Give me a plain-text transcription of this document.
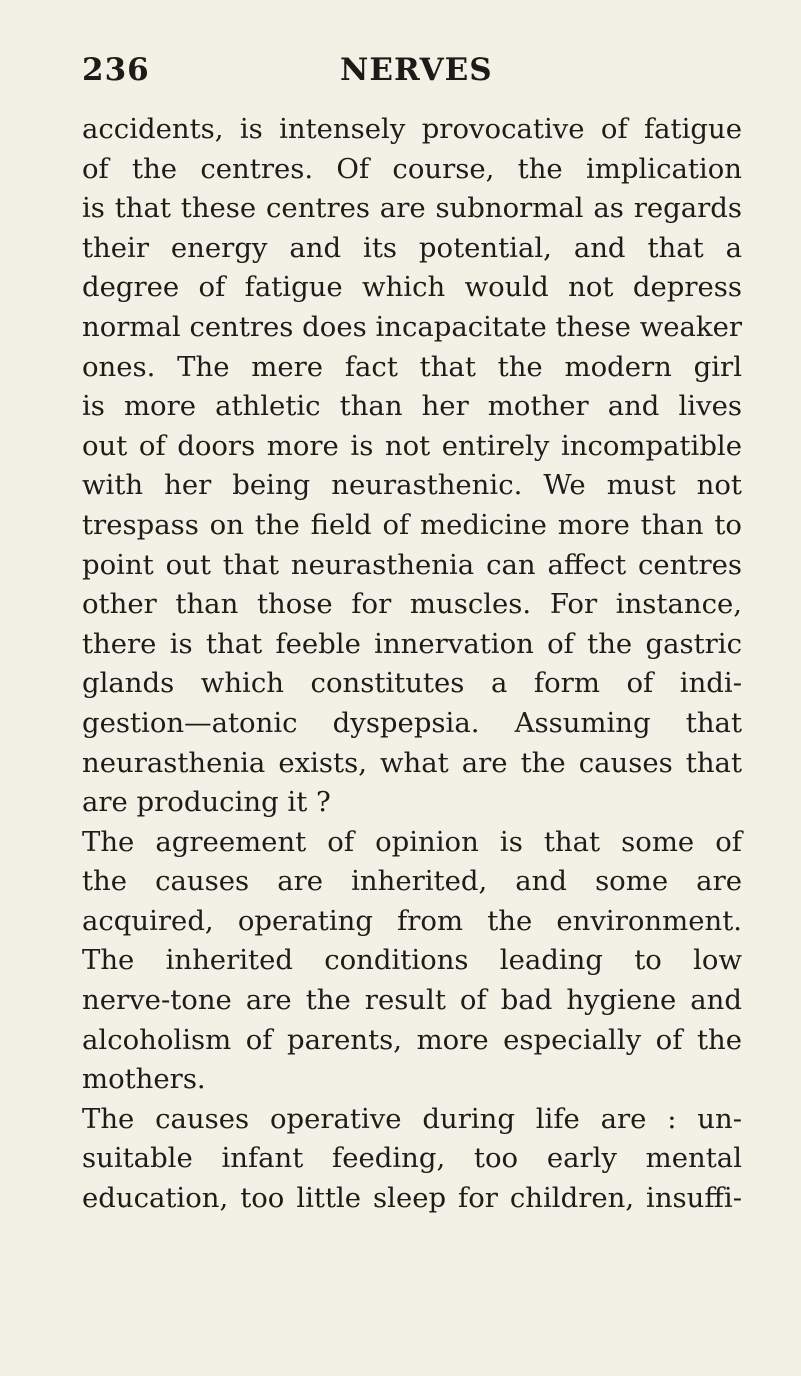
236	NERVES
accidents, is intensely provocative of fatigue
of the centres. Of course, the implication
is that these centres are subnormal as regards
their energy and its potential, and that a
degree of fatigue which would not depress
normal centres does incapacitate these weaker
ones. The mere fact that the modern girl
is more athletic than her mother and lives
out of doors more is not entirely incompatible
with her being neurasthenic. We must not
trespass on the field of medicine more than to
point out that neurasthenia can affect centres
other than those for muscles. For instance,
there is that feeble innervation of the gastric
glands which constitutes a form of indi-
gestion—atonic dyspepsia. Assuming that
neurasthenia exists, what are the causes that
are producing it ?
The agreement of opinion is that some of
the causes are inherited, and some are
acquired, operating from the environment.
The inherited conditions leading to low
nerve-tone are the result of bad hygiene and
alcoholism of parents, more especially of the
mothers.
The causes operative during life are : un-
suitable infant feeding, too early mental
education, too little sleep for children, insuffi-
